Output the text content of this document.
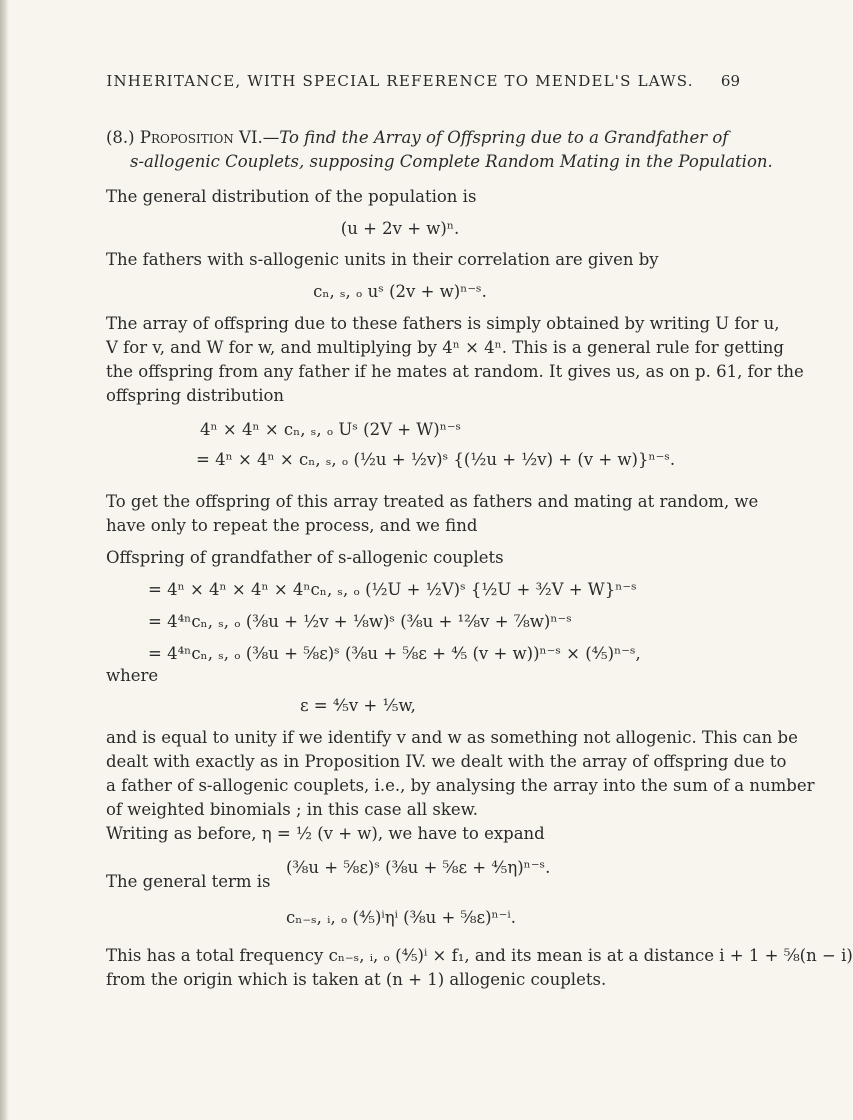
INHERITANCE, WITH SPECIAL REFERENCE TO MENDEL'S LAWS.	69
(8.) Proposition VI.—To find the Array of Offspring due to a Grandfather of
s-allogenic Couplets, supposing Complete Random Mating in the Population.
The general distribution of the population is
(u + 2v + w)ⁿ.
The fathers with s-allogenic units in their correlation are given by
cₙ, ₛ, ₒ uˢ (2v + w)ⁿ⁻ˢ.
The array of offspring due to these fathers is simply obtained by writing U for u,
V for v, and W for w, and multiplying by 4ⁿ × 4ⁿ. This is a general rule for getting
the offspring from any father if he mates at random. It gives us, as on p. 61, for the
offspring distribution
4ⁿ × 4ⁿ × cₙ, ₛ, ₒ Uˢ (2V + W)ⁿ⁻ˢ
= 4ⁿ × 4ⁿ × cₙ, ₛ, ₒ (½u + ½v)ˢ {(½u + ½v) + (v + w)}ⁿ⁻ˢ.
To get the offspring of this array treated as fathers and mating at random, we
have only to repeat the process, and we find
Offspring of grandfather of s-allogenic couplets
= 4ⁿ × 4ⁿ × 4ⁿ × 4ⁿcₙ, ₛ, ₒ (½U + ½V)ˢ {½U + ³⁄₂V + W}ⁿ⁻ˢ
= 4⁴ⁿcₙ, ₛ, ₒ (³⁄₈u + ½v + ⅛w)ˢ (³⁄₈u + ¹²⁄₈v + ⅞w)ⁿ⁻ˢ
= 4⁴ⁿcₙ, ₛ, ₒ (³⁄₈u + ⅝ε)ˢ (³⁄₈u + ⅝ε + ⅘ (v + w))ⁿ⁻ˢ × (⅘)ⁿ⁻ˢ,
where
ε = ⅘v + ⅕w,
and is equal to unity if we identify v and w as something not allogenic. This can be
dealt with exactly as in Proposition IV. we dealt with the array of offspring due to
a father of s-allogenic couplets, i.e., by analysing the array into the sum of a number
of weighted binomials ; in this case all skew.
Writing as before, η = ½ (v + w), we have to expand
(³⁄₈u + ⅝ε)ˢ (³⁄₈u + ⅝ε + ⅘η)ⁿ⁻ˢ.
The general term is
cₙ₋ₛ, ᵢ, ₒ (⅘)ⁱηⁱ (³⁄₈u + ⅝ε)ⁿ⁻ⁱ.
This has a total frequency cₙ₋ₛ, ᵢ, ₒ (⅘)ⁱ × f₁, and its mean is at a distance i + 1 + ⅝(n − i)
from the origin which is taken at (n + 1) allogenic couplets.
